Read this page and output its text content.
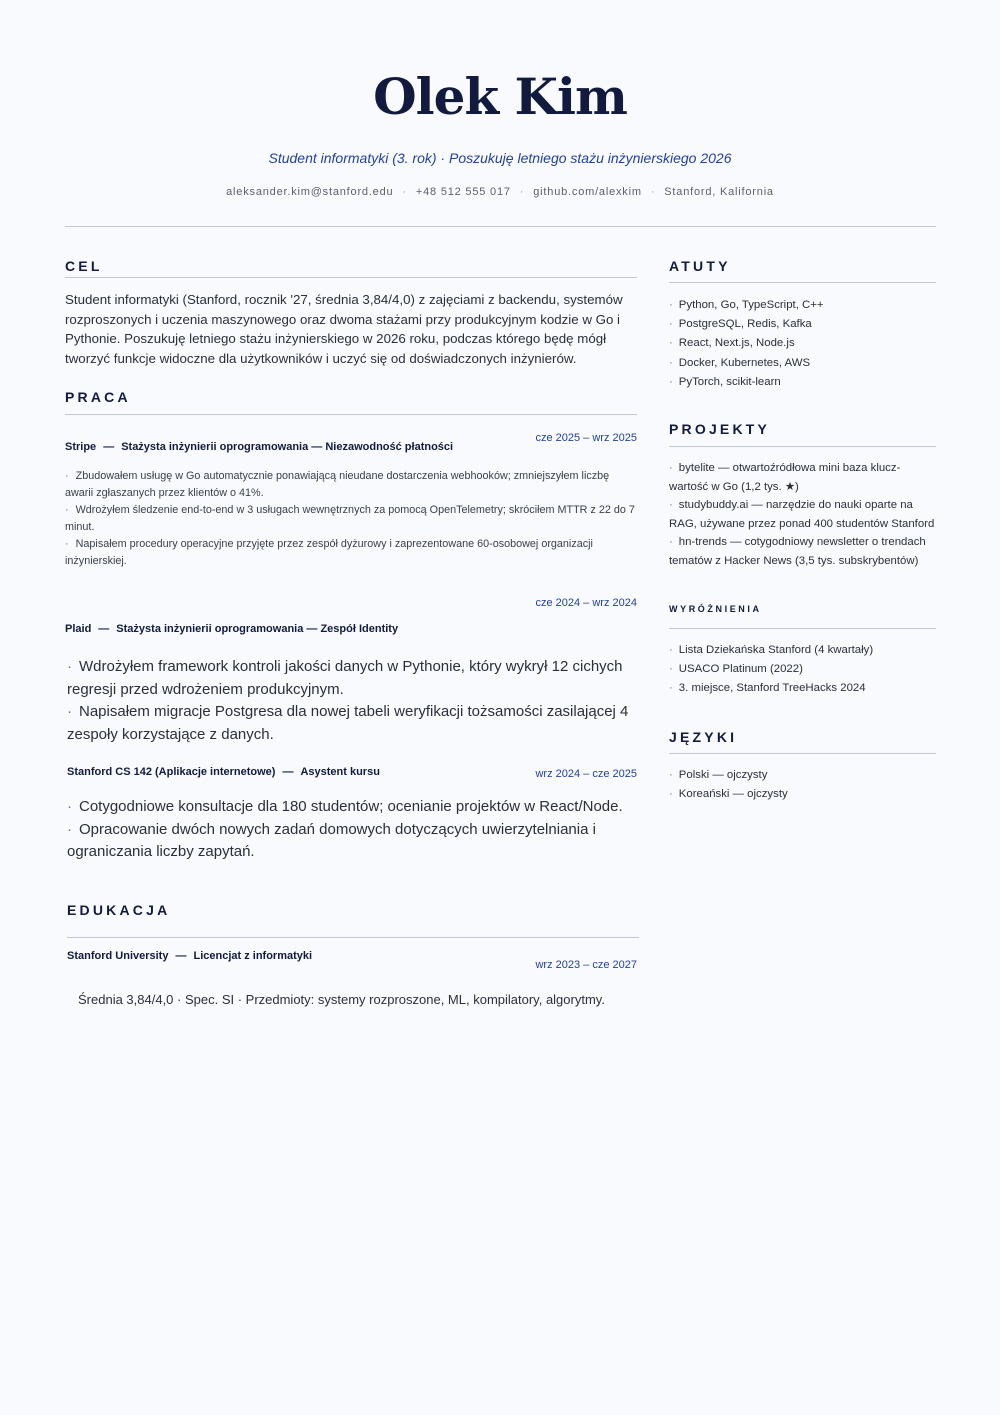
Olek Kim
Student informatyki (3. rok) · Poszukuję letniego stażu inżynierskiego 2026
aleksander.kim@stanford.edu · +48 512 555 017 · github.com/alexkim · Stanford, Kalifornia
CEL
Student informatyki (Stanford, rocznik '27, średnia 3,84/4,0) z zajęciami z backendu, systemów rozproszonych i uczenia maszynowego oraz dwoma stażami przy produkcyjnym kodzie w Go i Pythonie. Poszukuję letniego stażu inżynierskiego w 2026 roku, podczas którego będę mógł tworzyć funkcje widoczne dla użytkowników i uczyć się od doświadczonych inżynierów.
PRACA
Stripe — Stażysta inżynierii oprogramowania — Niezawodność płatności
cze 2025 – wrz 2025
· Zbudowałem usługę w Go automatycznie ponawiającą nieudane dostarczenia webhooków; zmniejszyłem liczbę awarii zgłaszanych przez klientów o 41%.
· Wdrożyłem śledzenie end-to-end w 3 usługach wewnętrznych za pomocą OpenTelemetry; skróciłem MTTR z 22 do 7 minut.
· Napisałem procedury operacyjne przyjęte przez zespół dyżurowy i zaprezentowane 60-osobowej organizacji inżynierskiej.
cze 2024 – wrz 2024
Plaid — Stażysta inżynierii oprogramowania — Zespół Identity
· Wdrożyłem framework kontroli jakości danych w Pythonie, który wykrył 12 cichych regresji przed wdrożeniem produkcyjnym.
· Napisałem migracje Postgresa dla nowej tabeli weryfikacji tożsamości zasilającej 4 zespoły korzystające z danych.
Stanford CS 142 (Aplikacje internetowe) — Asystent kursu	wrz 2024 – cze 2025
· Cotygodniowe konsultacje dla 180 studentów; ocenianie projektów w React/Node.
· Opracowanie dwóch nowych zadań domowych dotyczących uwierzytelniania i ograniczania liczby zapytań.
EDUKACJA
Stanford University — Licencjat z informatyki
wrz 2023 – cze 2027
Średnia 3,84/4,0 · Spec. SI · Przedmioty: systemy rozproszone, ML, kompilatory, algorytmy.
ATUTY
· Python, Go, TypeScript, C++
· PostgreSQL, Redis, Kafka
· React, Next.js, Node.js
· Docker, Kubernetes, AWS
· PyTorch, scikit-learn
PROJEKTY
· bytelite — otwartoźródłowa mini baza klucz-wartość w Go (1,2 tys. ★)
· studybuddy.ai — narzędzie do nauki oparte na RAG, używane przez ponad 400 studentów Stanford
· hn-trends — cotygodniowy newsletter o trendach tematów z Hacker News (3,5 tys. subskrybentów)
WYRÓŻNIENIA
· Lista Dziekańska Stanford (4 kwartały)
· USACO Platinum (2022)
· 3. miejsce, Stanford TreeHacks 2024
JĘZYKI
· Polski — ojczysty
· Koreański — ojczysty
